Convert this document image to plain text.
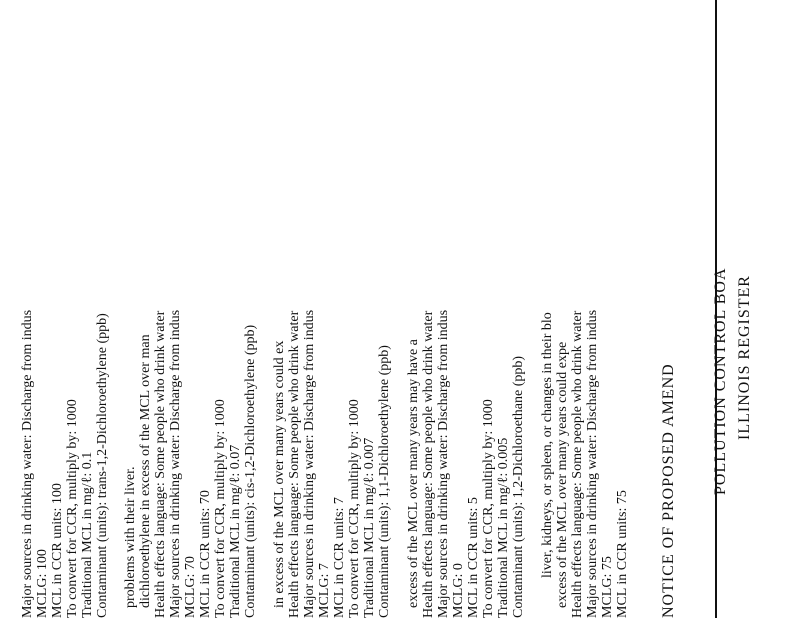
ILLINOIS REGISTER
POLLUTION CONTROL BOA
NOTICE OF PROPOSED AMEND
MCL in CCR units: 75
MCLG: 75
Major sources in drinking water: Discharge from indus
Health effects language: Some people who drink water
excess of the MCL over many years could expe
liver, kidneys, or spleen, or changes in their blo
Contaminant (units): 1,2-Dichloroethane (ppb)
Traditional MCL in mg/ℓ: 0.005
To convert for CCR, multiply by: 1000
MCL in CCR units: 5
MCLG: 0
Major sources in drinking water: Discharge from indus
Health effects language: Some people who drink water
excess of the MCL over many years may have a
Contaminant (units): 1,1-Dichloroethylene (ppb)
Traditional MCL in mg/ℓ: 0.007
To convert for CCR, multiply by: 1000
MCL in CCR units: 7
MCLG: 7
Major sources in drinking water: Discharge from indus
Health effects language: Some people who drink water
in excess of the MCL over many years could ex
Contaminant (units): cis-1,2-Dichloroethylene (ppb)
Traditional MCL in mg/ℓ: 0.07
To convert for CCR, multiply by: 1000
MCL in CCR units: 70
MCLG: 70
Major sources in drinking water: Discharge from indus
Health effects language: Some people who drink water
dichloroethylene in excess of the MCL over man
problems with their liver.
Contaminant (units): trans-1,2-Dichloroethylene (ppb)
Traditional MCL in mg/ℓ: 0.1
To convert for CCR, multiply by: 1000
MCL in CCR units: 100
MCLG: 100
Major sources in drinking water: Discharge from indus
